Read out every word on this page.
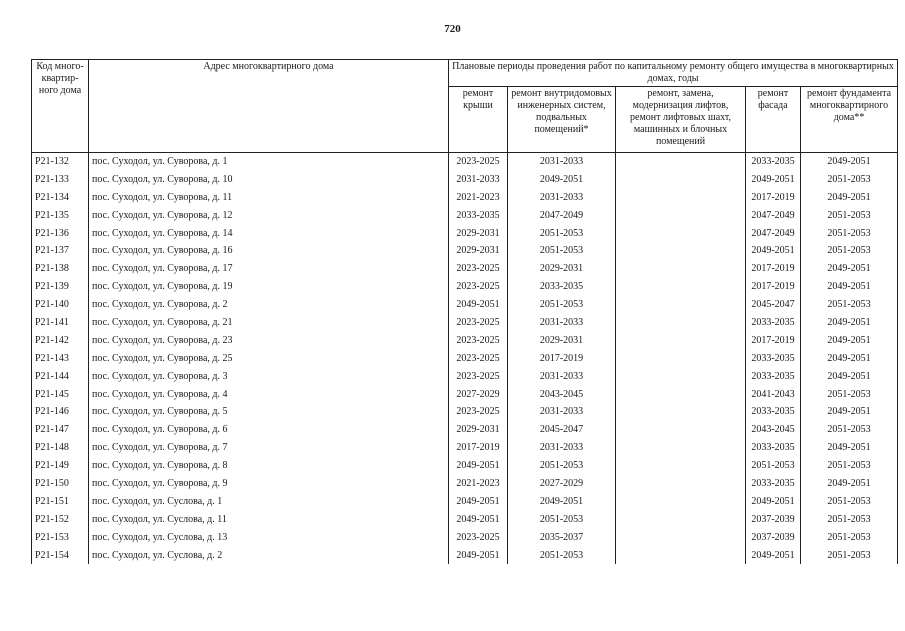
720
Код много-квартир-ного дома	Адрес многоквартирного дома	Плановые периоды проведения работ по капитальному ремонту общего имущества в многоквартирных домах, годы				
		ремонт крыши	ремонт внутридомовых инженерных систем, подвальных помещений*	ремонт, замена, модернизация лифтов, ремонт лифтовых шахт, машинных и блочных помещений	ремонт фасада	ремонт фундамента многоквартирного дома**
Р21-132	пос. Суходол, ул. Суворова, д. 1	2023-2025	2031-2033		2033-2035	2049-2051
Р21-133	пос. Суходол, ул. Суворова, д. 10	2031-2033	2049-2051		2049-2051	2051-2053
Р21-134	пос. Суходол, ул. Суворова, д. 11	2021-2023	2031-2033		2017-2019	2049-2051
Р21-135	пос. Суходол, ул. Суворова, д. 12	2033-2035	2047-2049		2047-2049	2051-2053
Р21-136	пос. Суходол, ул. Суворова, д. 14	2029-2031	2051-2053		2047-2049	2051-2053
Р21-137	пос. Суходол, ул. Суворова, д. 16	2029-2031	2051-2053		2049-2051	2051-2053
Р21-138	пос. Суходол, ул. Суворова, д. 17	2023-2025	2029-2031		2017-2019	2049-2051
Р21-139	пос. Суходол, ул. Суворова, д. 19	2023-2025	2033-2035		2017-2019	2049-2051
Р21-140	пос. Суходол, ул. Суворова, д. 2	2049-2051	2051-2053		2045-2047	2051-2053
Р21-141	пос. Суходол, ул. Суворова, д. 21	2023-2025	2031-2033		2033-2035	2049-2051
Р21-142	пос. Суходол, ул. Суворова, д. 23	2023-2025	2029-2031		2017-2019	2049-2051
Р21-143	пос. Суходол, ул. Суворова, д. 25	2023-2025	2017-2019		2033-2035	2049-2051
Р21-144	пос. Суходол, ул. Суворова, д. 3	2023-2025	2031-2033		2033-2035	2049-2051
Р21-145	пос. Суходол, ул. Суворова, д. 4	2027-2029	2043-2045		2041-2043	2051-2053
Р21-146	пос. Суходол, ул. Суворова, д. 5	2023-2025	2031-2033		2033-2035	2049-2051
Р21-147	пос. Суходол, ул. Суворова, д. 6	2029-2031	2045-2047		2043-2045	2051-2053
Р21-148	пос. Суходол, ул. Суворова, д. 7	2017-2019	2031-2033		2033-2035	2049-2051
Р21-149	пос. Суходол, ул. Суворова, д. 8	2049-2051	2051-2053		2051-2053	2051-2053
Р21-150	пос. Суходол, ул. Суворова, д. 9	2021-2023	2027-2029		2033-2035	2049-2051
Р21-151	пос. Суходол, ул. Суслова, д. 1	2049-2051	2049-2051		2049-2051	2051-2053
Р21-152	пос. Суходол, ул. Суслова, д. 11	2049-2051	2051-2053		2037-2039	2051-2053
Р21-153	пос. Суходол, ул. Суслова, д. 13	2023-2025	2035-2037		2037-2039	2051-2053
Р21-154	пос. Суходол, ул. Суслова, д. 2	2049-2051	2051-2053		2049-2051	2051-2053
